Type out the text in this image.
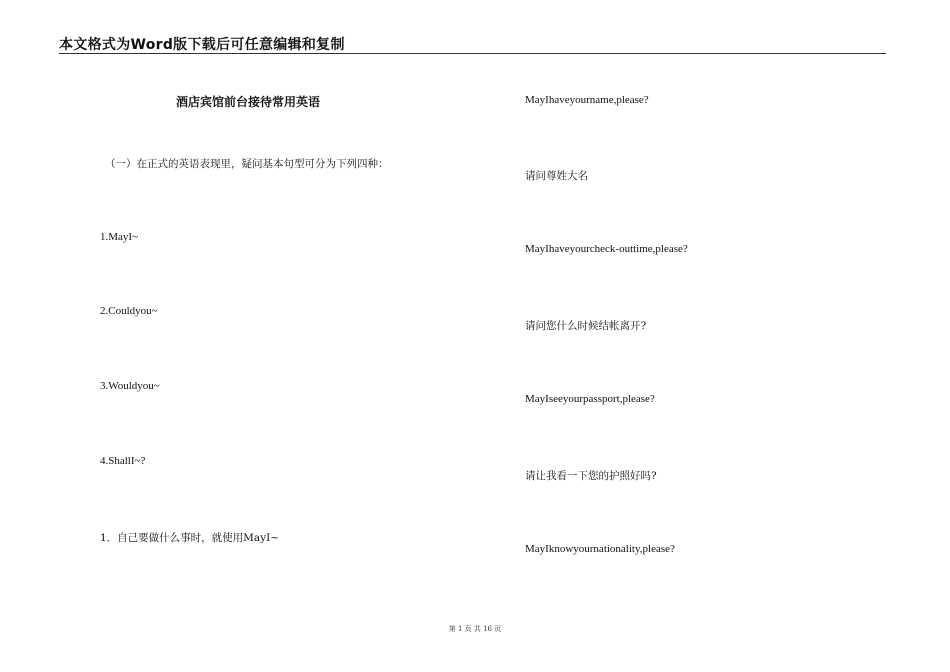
本文格式为Word版下载后可任意编辑和复制
酒店宾馆前台接待常用英语
（一）在正式的英语表现里，疑问基本句型可分为下列四种：
1.MayI~
2.Couldyou~
3.Wouldyou~
4.ShallI~?
1．自己要做什么事时，就使用MayI~
MayIhaveyourname,please?
请问尊姓大名
MayIhaveyourcheck-outtime,please?
请问您什么时候结帐离开?
MayIseeyourpassport,please?
请让我看一下您的护照好吗?
MayIknowyournationality,please?
第 1 页 共 16 页
